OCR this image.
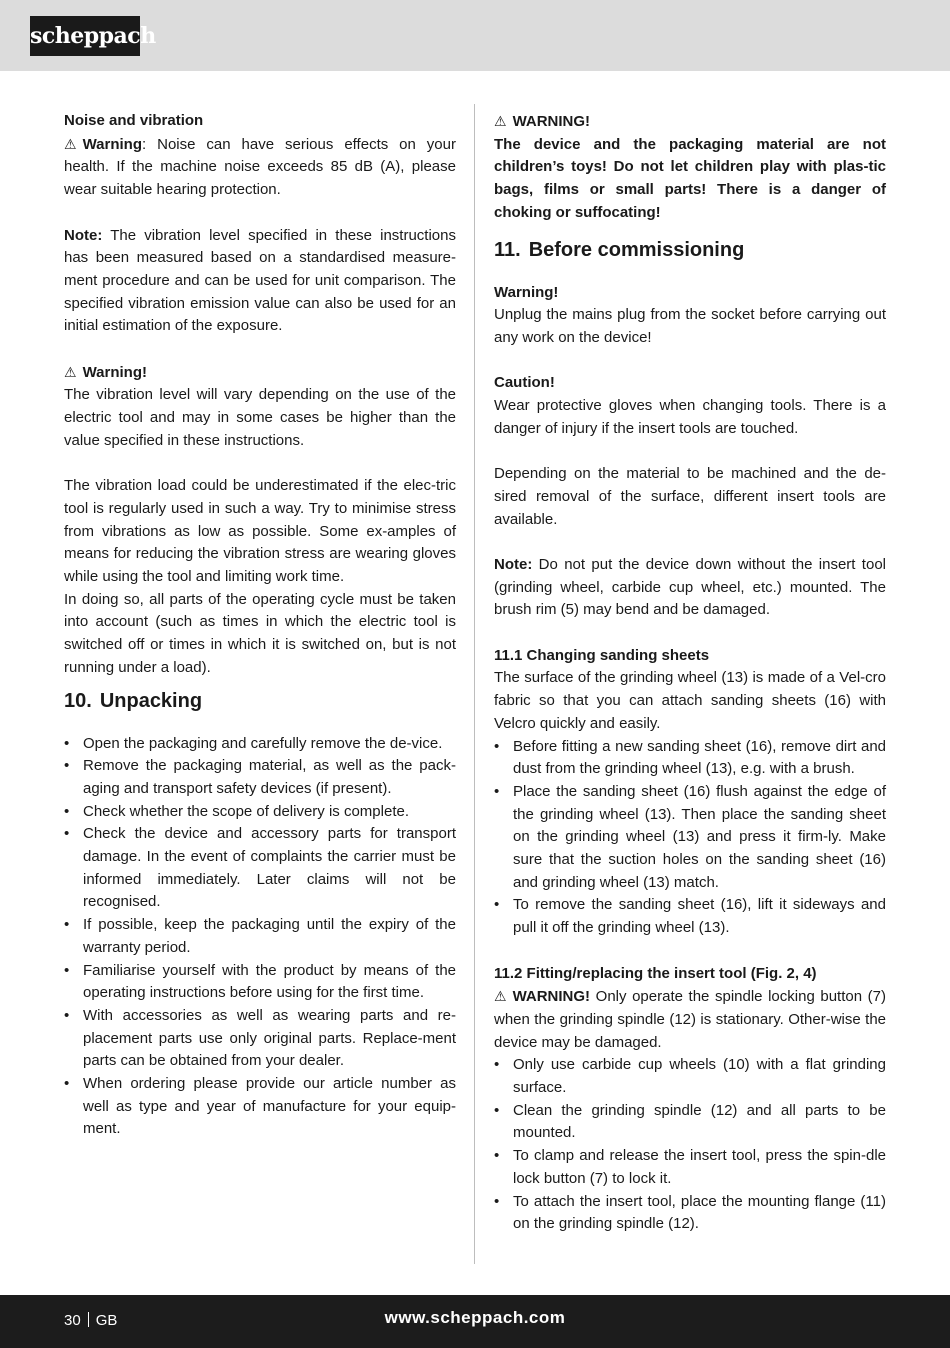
scheppach

Noise and vibration

⚠ Warning: Noise can have serious effects on your health. If the machine noise exceeds 85 dB (A), please wear suitable hearing protection.

Note: The vibration level specified in these instructions has been measured based on a standardised measure-ment procedure and can be used for unit comparison. The specified vibration emission value can also be used for an initial estimation of the exposure.

⚠ Warning!

The vibration level will vary depending on the use of the electric tool and may in some cases be higher than the value specified in these instructions.

The vibration load could be underestimated if the elec-tric tool is regularly used in such a way. Try to minimise stress from vibrations as low as possible. Some ex-amples of means for reducing the vibration stress are wearing gloves while using the tool and limiting work time.

In doing so, all parts of the operating cycle must be taken into account (such as times in which the electric tool is switched off or times in which it is switched on, but is not running under a load).

10. Unpacking
• Open the packaging and carefully remove the de-vice.
• Remove the packaging material, as well as the pack-aging and transport safety devices (if present).
• Check whether the scope of delivery is complete.
• Check the device and accessory parts for transport damage. In the event of complaints the carrier must be informed immediately. Later claims will not be recognised.
• If possible, keep the packaging until the expiry of the warranty period.
• Familiarise yourself with the product by means of the operating instructions before using for the first time.
• With accessories as well as wearing parts and re-placement parts use only original parts. Replace-ment parts can be obtained from your dealer.
• When ordering please provide our article number as well as type and year of manufacture for your equip-ment.

⚠ WARNING!

The device and the packaging material are not children’s toys! Do not let children play with plas-tic bags, films or small parts! There is a danger of choking or suffocating!

11. Before commissioning

Warning!

Unplug the mains plug from the socket before carrying out any work on the device!

Caution!

Wear protective gloves when changing tools. There is a danger of injury if the insert tools are touched.

Depending on the material to be machined and the de-sired removal of the surface, different insert tools are available.

Note: Do not put the device down without the insert tool (grinding wheel, carbide cup wheel, etc.) mounted. The brush rim (5) may bend and be damaged.

11.1 Changing sanding sheets

The surface of the grinding wheel (13) is made of a Vel-cro fabric so that you can attach sanding sheets (16) with Velcro quickly and easily.

• Before fitting a new sanding sheet (16), remove dirt and dust from the grinding wheel (13), e.g. with a brush.
• Place the sanding sheet (16) flush against the edge of the grinding wheel (13). Then place the sanding sheet on the grinding wheel (13) and press it firm-ly. Make sure that the suction holes on the sanding sheet (16) and grinding wheel (13) match.
• To remove the sanding sheet (16), lift it sideways and pull it off the grinding wheel (13).

11.2 Fitting/replacing the insert tool (Fig. 2, 4)

⚠ WARNING! Only operate the spindle locking button (7) when the grinding spindle (12) is stationary. Other-wise the device may be damaged.

• Only use carbide cup wheels (10) with a flat grinding surface.
• Clean the grinding spindle (12) and all parts to be mounted.
• To clamp and release the insert tool, press the spin-dle lock button (7) to lock it.
• To attach the insert tool, place the mounting flange (11) on the grinding spindle (12).
30 GB	www.scheppach.com
